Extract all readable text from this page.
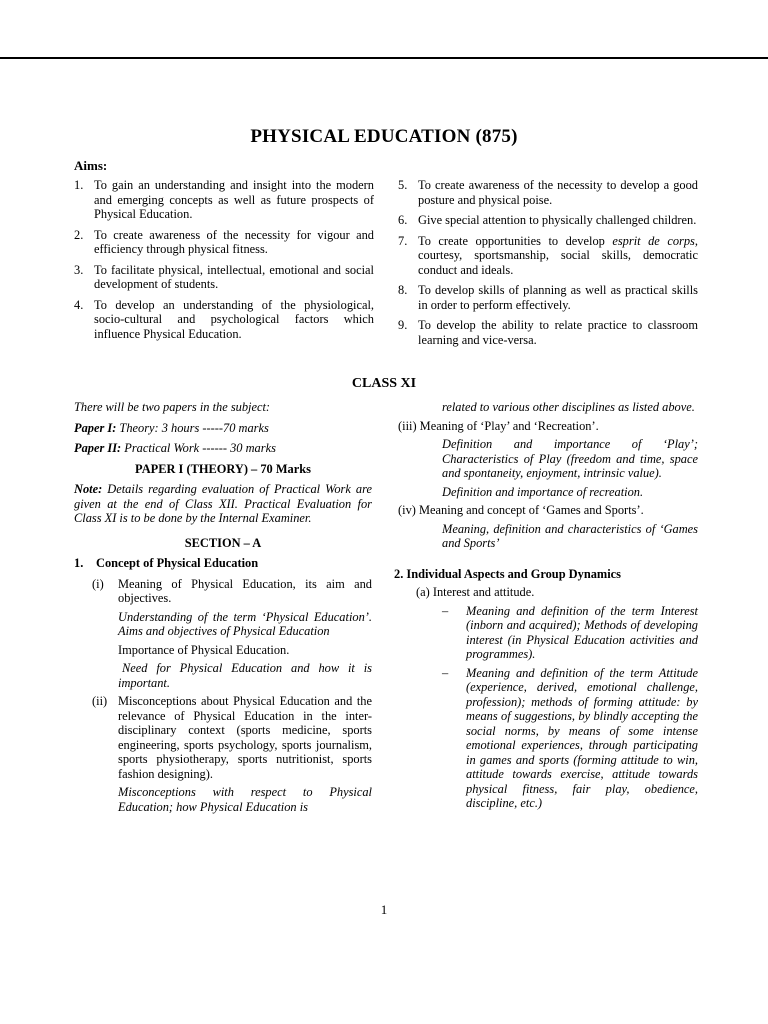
PHYSICAL EDUCATION (875)
Aims:
1. To gain an understanding and insight into the modern and emerging concepts as well as future prospects of Physical Education.
2. To create awareness of the necessity for vigour and efficiency through physical fitness.
3. To facilitate physical, intellectual, emotional and social development of students.
4. To develop an understanding of the physiological, socio-cultural and psychological factors which influence Physical Education.
5. To create awareness of the necessity to develop a good posture and physical poise.
6. Give special attention to physically challenged children.
7. To create opportunities to develop esprit de corps, courtesy, sportsmanship, social skills, democratic conduct and ideals.
8. To develop skills of planning as well as practical skills in order to perform effectively.
9. To develop the ability to relate practice to classroom learning and vice-versa.
CLASS XI

There will be two papers in the subject:

Paper I: Theory: 3 hours -----70 marks

Paper II: Practical Work ------ 30 marks

PAPER I (THEORY) – 70 Marks

Note: Details regarding evaluation of Practical Work are given at the end of Class XII. Practical Evaluation for Class XI is to be done by the Internal Examiner.

SECTION – A

1.	Concept of Physical Education
(i)	Meaning of Physical Education, its aim and objectives.

Understanding of the term ‘Physical Education’. Aims and objectives of Physical Education

Importance of Physical Education.

Need for Physical Education and how it is important.

(ii) Misconceptions about Physical Education and the relevance of Physical Education in the inter-disciplinary context (sports medicine, sports engineering, sports psychology, sports journalism, sports physiotherapy, sports nutritionist, sports fashion designing).

Misconceptions with respect to Physical Education; how Physical Education is

related to various other disciplines as listed above.

(iii) Meaning of ‘Play’ and ‘Recreation’.

Definition and importance of ‘Play’; Characteristics of Play (freedom and time, space and spontaneity, enjoyment, intrinsic value).

Definition and importance of recreation.

(iv) Meaning and concept of ‘Games and Sports’.

Meaning, definition and characteristics of ‘Games and Sports’

2. Individual Aspects and Group Dynamics

(a) Interest and attitude.

–	Meaning and definition of the term Interest (inborn and acquired); Methods of developing interest (in Physical Education activities and programmes).
–	Meaning and definition of the term Attitude (experience, derived, emotional challenge, profession); methods of forming attitude: by means of suggestions, by blindly accepting the social norms, by means of some intense emotional experiences, through participating in games and sports (forming attitude to win, attitude towards exercise, attitude towards physical fitness, fair play, obedience, discipline, etc.)
1
